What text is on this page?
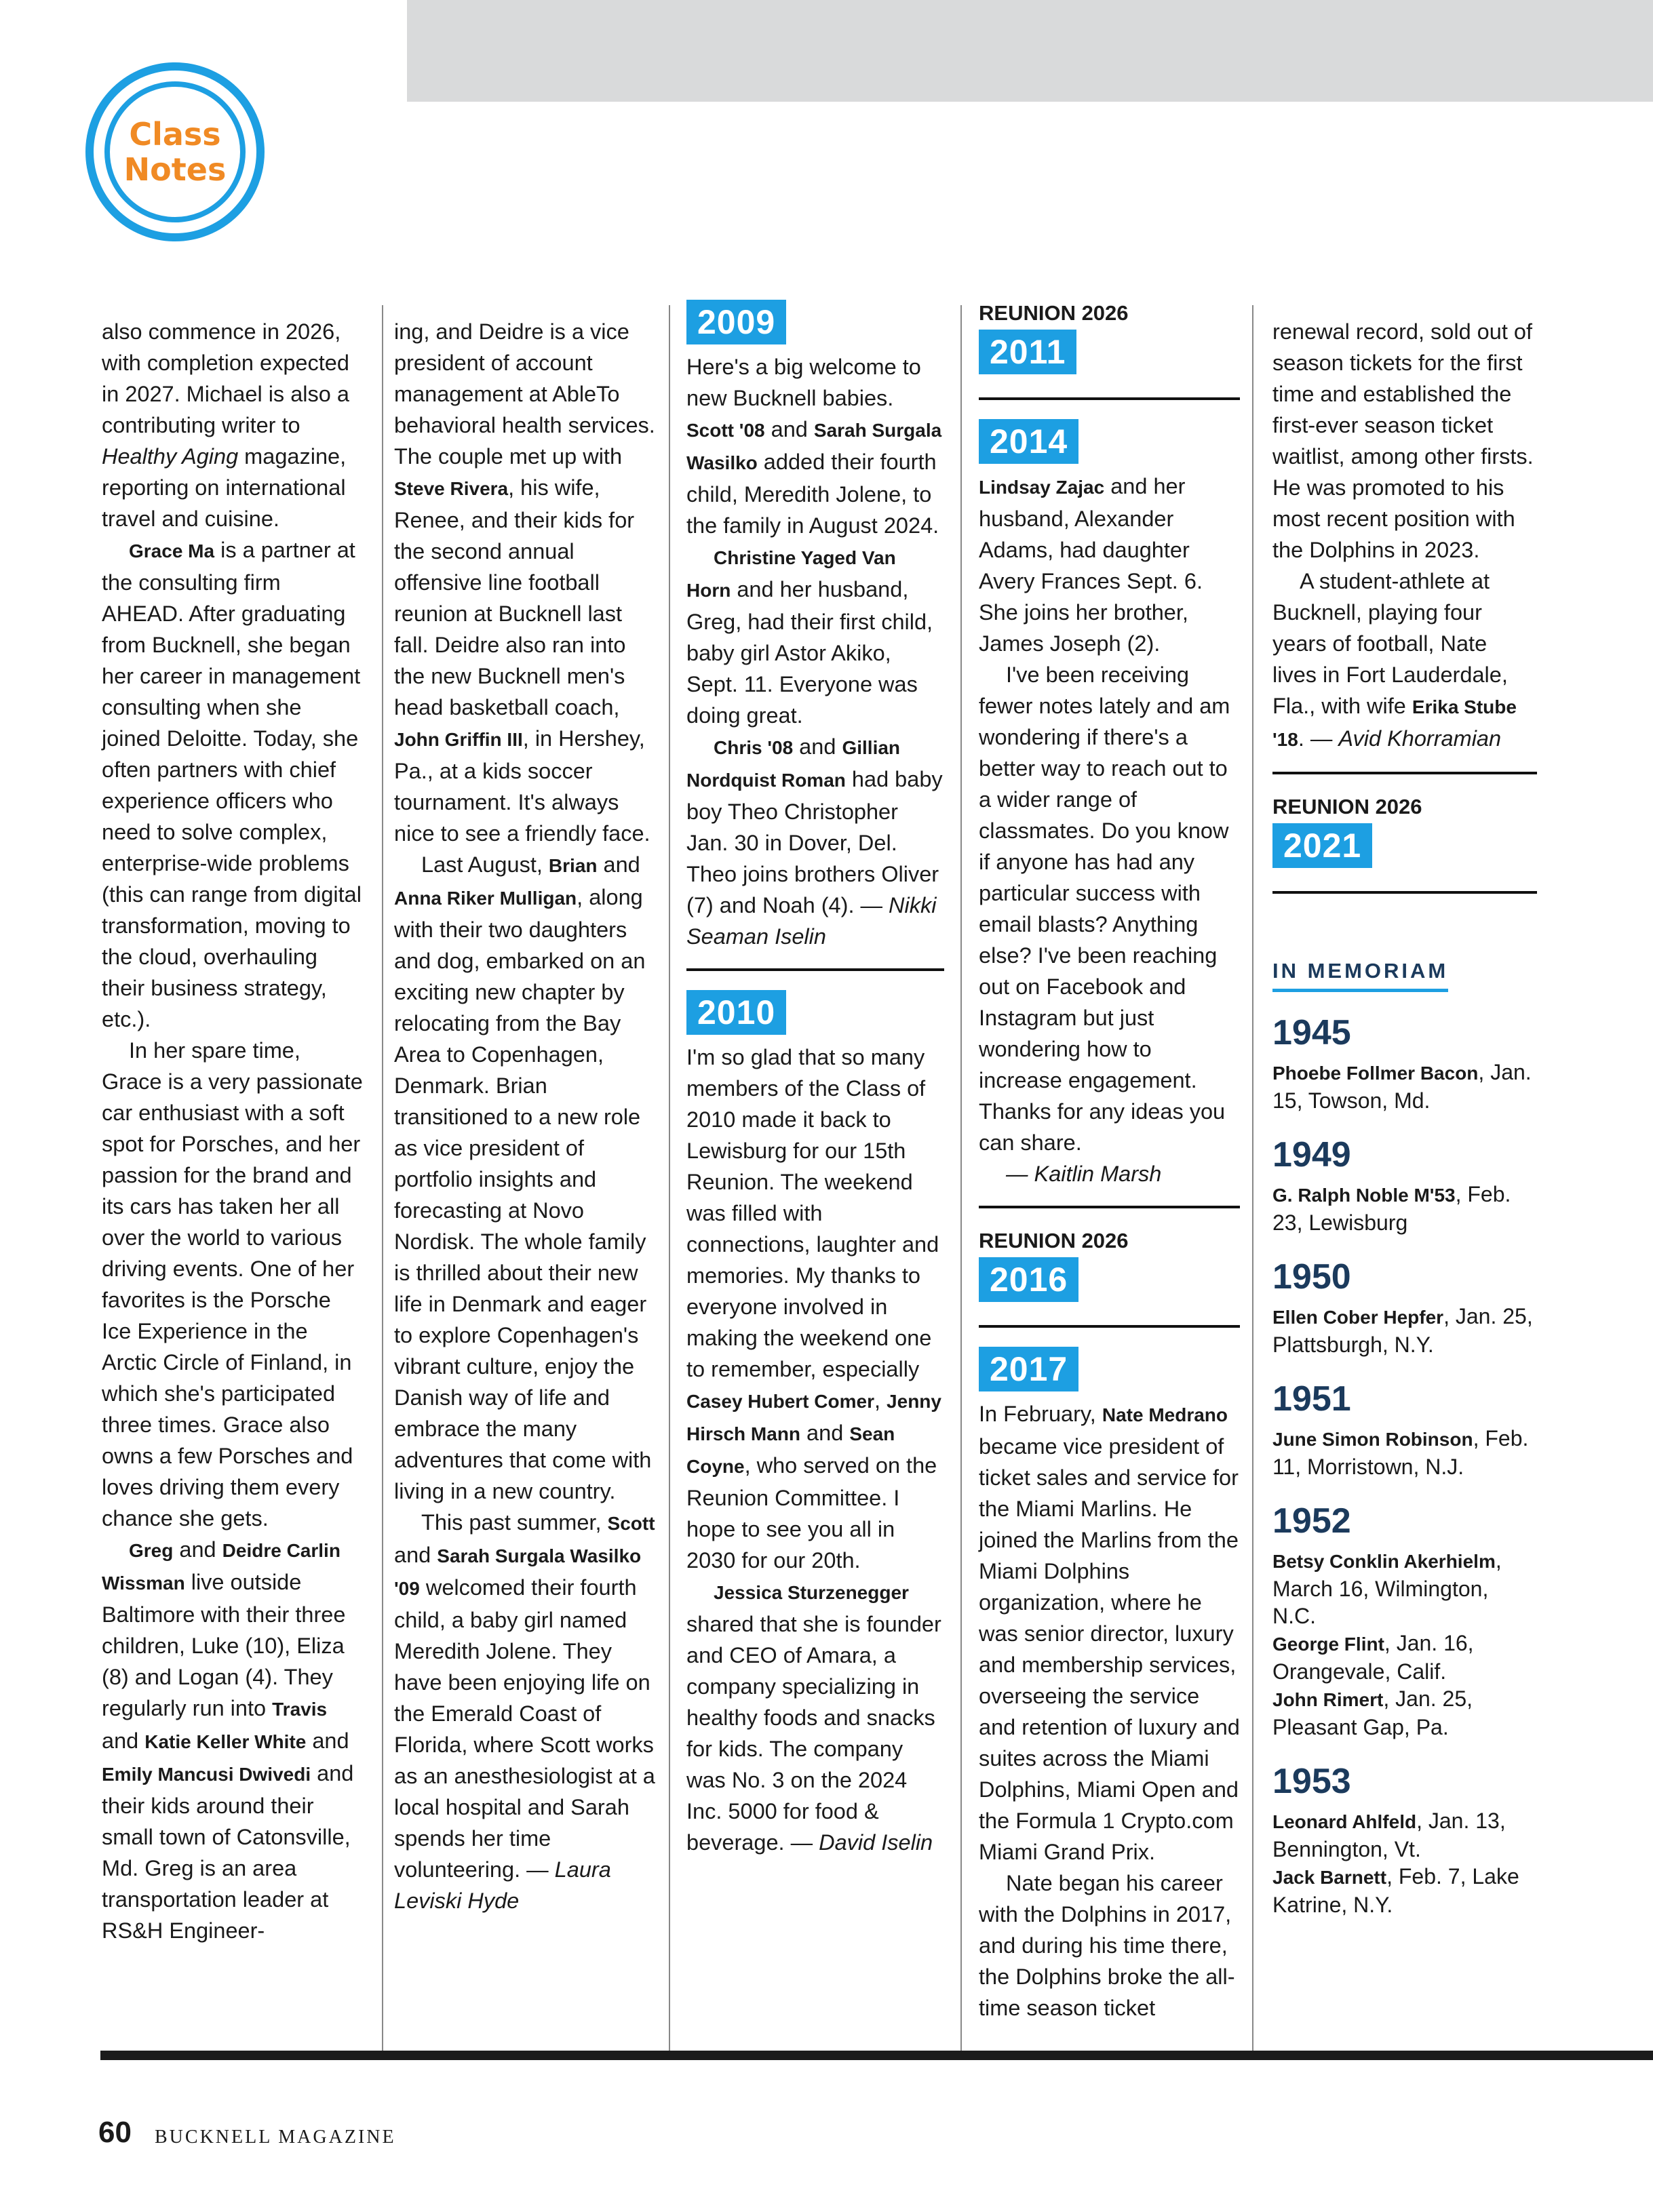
Class
Notes

also commence in 2026, with completion expected in 2027. Michael is also a contributing writer to Healthy Aging magazine, reporting on international travel and cuisine.

Grace Ma is a partner at the consulting firm AHEAD. After graduating from Bucknell, she began her career in management consulting when she joined Deloitte. Today, she often partners with chief experience officers who need to solve complex, enterprise-wide problems (this can range from digital transformation, moving to the cloud, overhauling their business strategy, etc.).

In her spare time, Grace is a very passionate car enthusiast with a soft spot for Porsches, and her passion for the brand and its cars has taken her all over the world to various driving events. One of her favorites is the Porsche Ice Experience in the Arctic Circle of Finland, in which she's participated three times. Grace also owns a few Porsches and loves driving them every chance she gets.

Greg and Deidre Carlin Wissman live outside Baltimore with their three children, Luke (10), Eliza (8) and Logan (4). They regularly run into Travis and Katie Keller White and Emily Mancusi Dwivedi and their kids around their small town of Catonsville, Md. Greg is an area transportation leader at RS&H Engineer-

ing, and Deidre is a vice president of account management at AbleTo behavioral health services. The couple met up with Steve Rivera, his wife, Renee, and their kids for the second annual offensive line football reunion at Bucknell last fall. Deidre also ran into the new Bucknell men's head basketball coach, John Griffin III, in Hershey, Pa., at a kids soccer tournament. It's always nice to see a friendly face.

Last August, Brian and Anna Riker Mulligan, along with their two daughters and dog, embarked on an exciting new chapter by relocating from the Bay Area to Copenhagen, Denmark. Brian transitioned to a new role as vice president of portfolio insights and forecasting at Novo Nordisk. The whole family is thrilled about their new life in Denmark and eager to explore Copenhagen's vibrant culture, enjoy the Danish way of life and embrace the many adventures that come with living in a new country.

This past summer, Scott and Sarah Surgala Wasilko '09 welcomed their fourth child, a baby girl named Meredith Jolene. They have been enjoying life on the Emerald Coast of Florida, where Scott works as an anesthesiologist at a local hospital and Sarah spends her time volunteering. — Laura Leviski Hyde

2009

Here's a big welcome to new Bucknell babies. Scott '08 and Sarah Surgala Wasilko added their fourth child, Meredith Jolene, to the family in August 2024.

Christine Yaged Van Horn and her husband, Greg, had their first child, baby girl Astor Akiko, Sept. 11. Everyone was doing great.

Chris '08 and Gillian Nordquist Roman had baby boy Theo Christopher Jan. 30 in Dover, Del. Theo joins brothers Oliver (7) and Noah (4). — Nikki Seaman Iselin

2010

I'm so glad that so many members of the Class of 2010 made it back to Lewisburg for our 15th Reunion. The weekend was filled with connections, laughter and memories. My thanks to everyone involved in making the weekend one to remember, especially Casey Hubert Comer, Jenny Hirsch Mann and Sean Coyne, who served on the Reunion Committee. I hope to see you all in 2030 for our 20th.

Jessica Sturzenegger shared that she is founder and CEO of Amara, a company specializing in healthy foods and snacks for kids. The company was No. 3 on the 2024 Inc. 5000 for food & beverage. — David Iselin

REUNION 2026
2011
2014

Lindsay Zajac and her husband, Alexander Adams, had daughter Avery Frances Sept. 6. She joins her brother, James Joseph (2).

I've been receiving fewer notes lately and am wondering if there's a better way to reach out to a wider range of classmates. Do you know if anyone has had any particular success with email blasts? Anything else? I've been reaching out on Facebook and Instagram but just wondering how to increase engagement. Thanks for any ideas you can share.

— Kaitlin Marsh

REUNION 2026
2016
2017

In February, Nate Medrano became vice president of ticket sales and service for the Miami Marlins. He joined the Marlins from the Miami Dolphins organization, where he was senior director, luxury and membership services, overseeing the service and retention of luxury and suites across the Miami Dolphins, Miami Open and the Formula 1 Crypto.com Miami Grand Prix.

Nate began his career with the Dolphins in 2017, and during his time there, the Dolphins broke the all-time season ticket

renewal record, sold out of season tickets for the first time and established the first-ever season ticket waitlist, among other firsts. He was promoted to his most recent position with the Dolphins in 2023.

A student-athlete at Bucknell, playing four years of football, Nate lives in Fort Lauderdale, Fla., with wife Erika Stube '18. — Avid Khorramian

REUNION 2026
2021
IN MEMORIAM
1945

Phoebe Follmer Bacon, Jan. 15, Towson, Md.

1949

G. Ralph Noble M'53, Feb. 23, Lewisburg

1950

Ellen Cober Hepfer, Jan. 25, Plattsburgh, N.Y.

1951

June Simon Robinson, Feb. 11, Morristown, N.J.

1952

Betsy Conklin Akerhielm, March 16, Wilmington, N.C.

George Flint, Jan. 16, Orangevale, Calif.

John Rimert, Jan. 25, Pleasant Gap, Pa.

1953

Leonard Ahlfeld, Jan. 13, Bennington, Vt.

Jack Barnett, Feb. 7, Lake Katrine, N.Y.

60 BUCKNELL MAGAZINE
